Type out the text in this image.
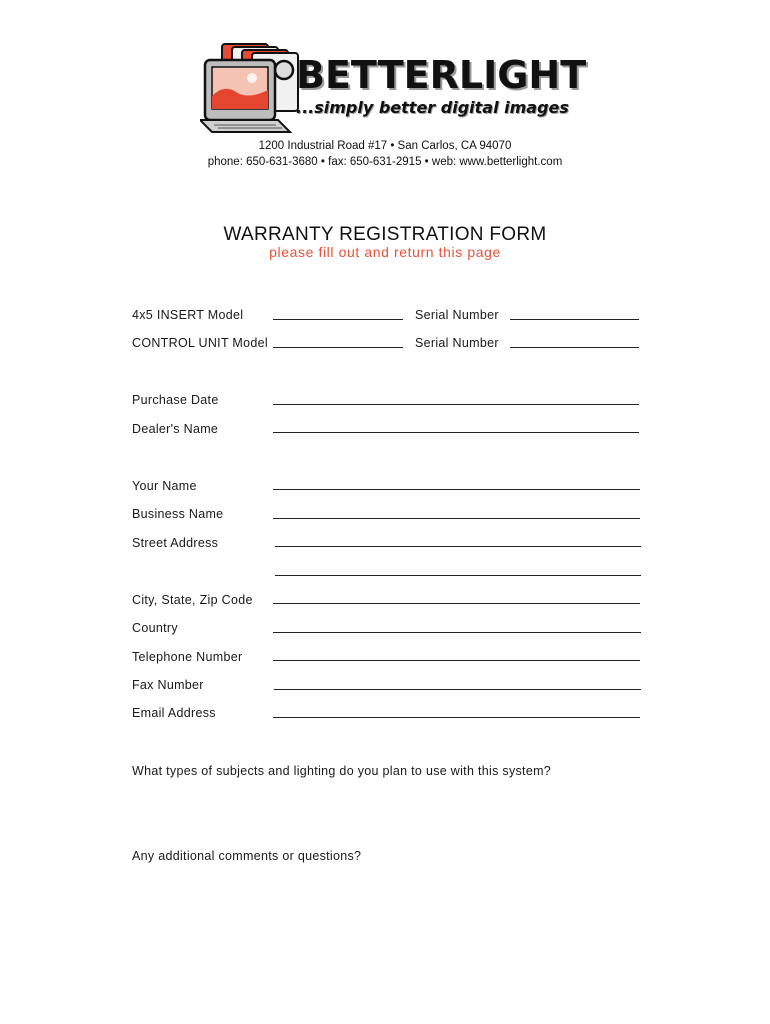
BETTERLIGHT
...simply better digital images
1200 Industrial Road #17 • San Carlos, CA 94070
phone: 650-631-3680 • fax: 650-631-2915 • web: www.betterlight.com
WARRANTY REGISTRATION FORM
please fill out and return this page
4x5 INSERT Model	Serial Number
CONTROL UNIT Model	Serial Number
Purchase Date
Dealer's Name
Your Name
Business Name
Street Address
City, State, Zip Code
Country
Telephone Number
Fax Number
Email Address
What types of subjects and lighting do you plan to use with this system?
Any additional comments or questions?
